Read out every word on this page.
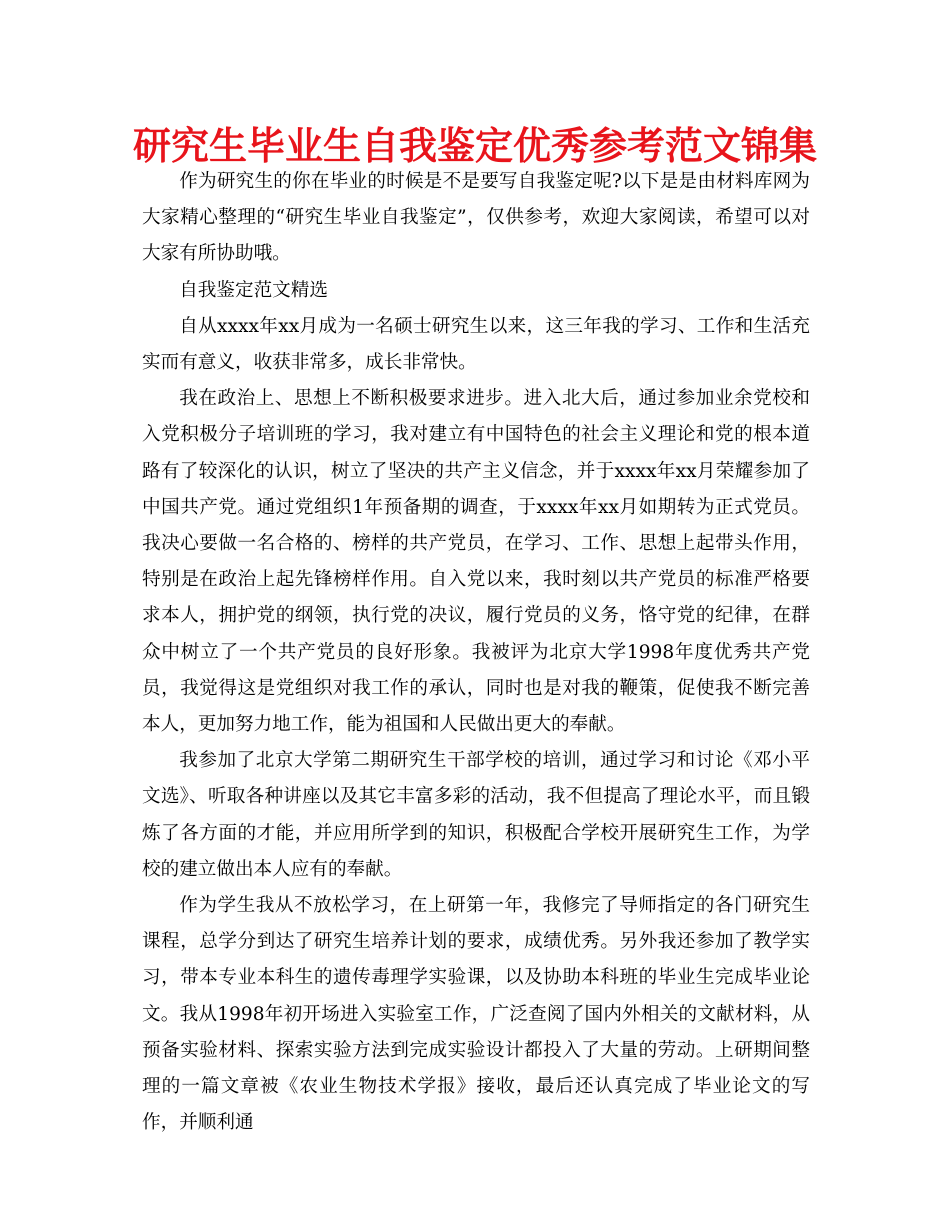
研究生毕业生自我鉴定优秀参考范文锦集

作为研究生的你在毕业的时候是不是要写自我鉴定呢?以下是是由材料库网为大家精心整理的“研究生毕业自我鉴定”，仅供参考，欢迎大家阅读，希望可以对大家有所协助哦。

自我鉴定范文精选

自从xxxx年xx月成为一名硕士研究生以来，这三年我的学习、工作和生活充实而有意义，收获非常多，成长非常快。

我在政治上、思想上不断积极要求进步。进入北大后，通过参加业余党校和入党积极分子培训班的学习，我对建立有中国特色的社会主义理论和党的根本道路有了较深化的认识，树立了坚决的共产主义信念，并于xxxx年xx月荣耀参加了中国共产党。通过党组织1年预备期的调查，于xxxx年xx月如期转为正式党员。我决心要做一名合格的、榜样的共产党员，在学习、工作、思想上起带头作用，特别是在政治上起先锋榜样作用。自入党以来，我时刻以共产党员的标准严格要求本人，拥护党的纲领，执行党的决议，履行党员的义务，恪守党的纪律，在群众中树立了一个共产党员的良好形象。我被评为北京大学1998年度优秀共产党员，我觉得这是党组织对我工作的承认，同时也是对我的鞭策，促使我不断完善本人，更加努力地工作，能为祖国和人民做出更大的奉献。

我参加了北京大学第二期研究生干部学校的培训，通过学习和讨论《邓小平文选》、听取各种讲座以及其它丰富多彩的活动，我不但提高了理论水平，而且锻炼了各方面的才能，并应用所学到的知识，积极配合学校开展研究生工作，为学校的建立做出本人应有的奉献。

作为学生我从不放松学习，在上研第一年，我修完了导师指定的各门研究生课程，总学分到达了研究生培养计划的要求，成绩优秀。另外我还参加了教学实习，带本专业本科生的遗传毒理学实验课，以及协助本科班的毕业生完成毕业论文。我从1998年初开场进入实验室工作，广泛查阅了国内外相关的文献材料，从预备实验材料、探索实验方法到完成实验设计都投入了大量的劳动。上研期间整理的一篇文章被《农业生物技术学报》接收，最后还认真完成了毕业论文的写作，并顺利通
